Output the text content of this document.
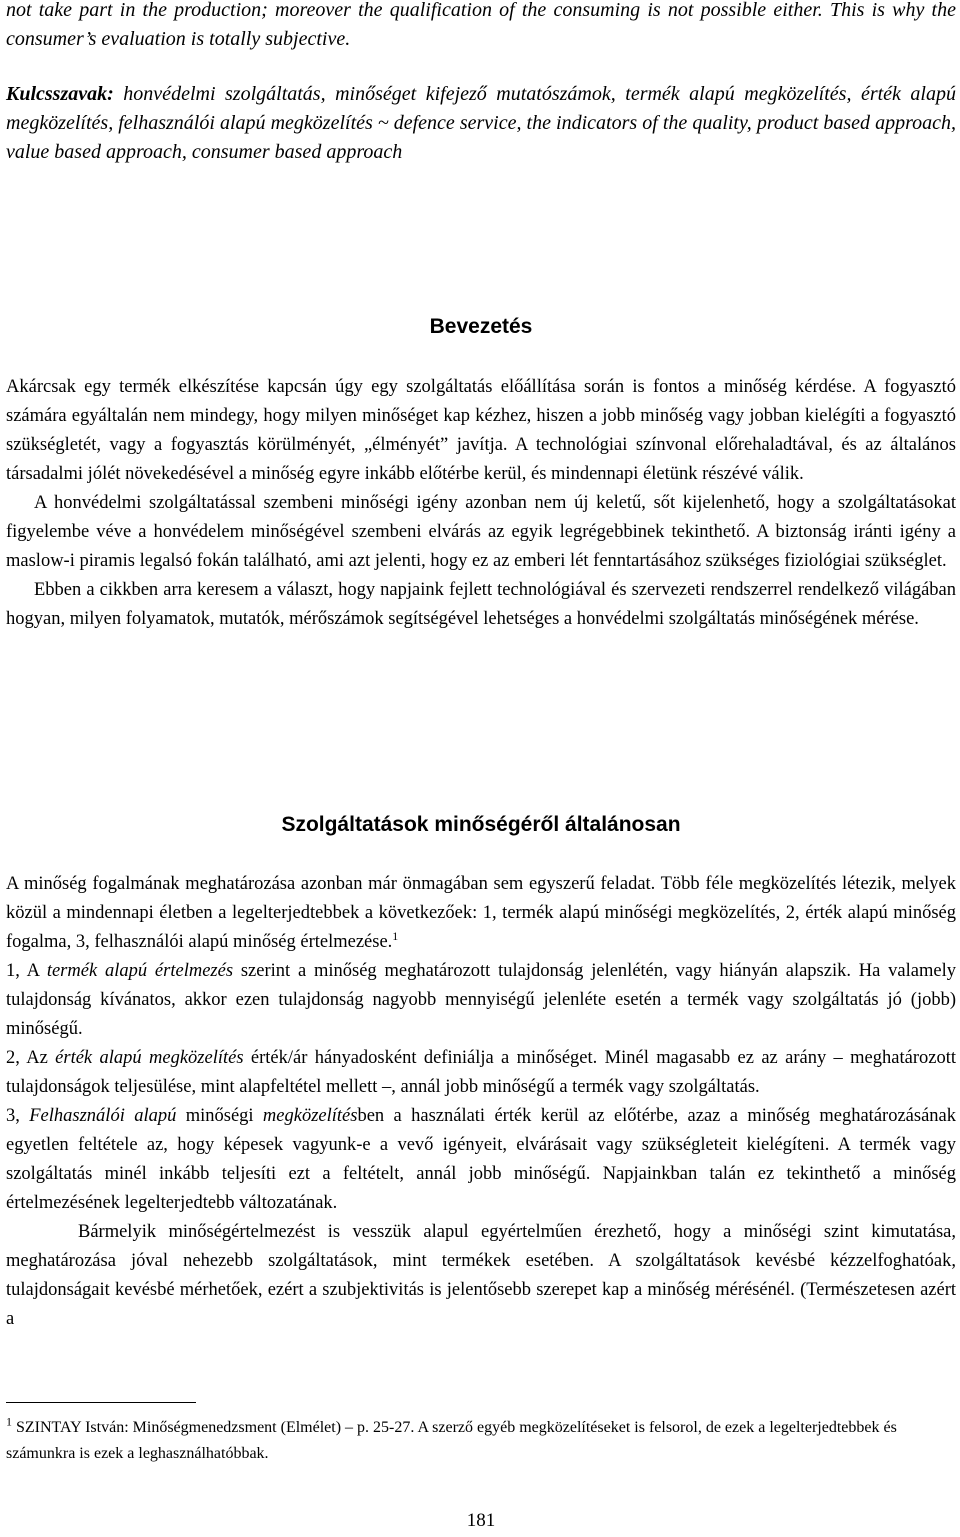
not take part in the production; moreover the qualification of the consuming is not possible either. This is why the consumer’s evaluation is totally subjective.

Kulcsszavak: honvédelmi szolgáltatás, minőséget kifejező mutatószámok, termék alapú megközelítés, érték alapú megközelítés, felhasználói alapú megközelítés ~ defence service, the indicators of the quality, product based approach, value based approach, consumer based approach

Bevezetés

Akárcsak egy termék elkészítése kapcsán úgy egy szolgáltatás előállítása során is fontos a minőség kérdése. A fogyasztó számára egyáltalán nem mindegy, hogy milyen minőséget kap kézhez, hiszen a jobb minőség vagy jobban kielégíti a fogyasztó szükségletét, vagy a fogyasztás körülményét, „élményét” javítja. A technológiai színvonal előrehaladtával, és az általános társadalmi jólét növekedésével a minőség egyre inkább előtérbe kerül, és mindennapi életünk részévé válik.

A honvédelmi szolgáltatással szembeni minőségi igény azonban nem új keletű, sőt kijelenhető, hogy a szolgáltatásokat figyelembe véve a honvédelem minőségével szembeni elvárás az egyik legrégebbinek tekinthető. A biztonság iránti igény a maslow-i piramis legalsó fokán található, ami azt jelenti, hogy ez az emberi lét fenntartásához szükséges fiziológiai szükséglet.

Ebben a cikkben arra keresem a választ, hogy napjaink fejlett technológiával és szervezeti rendszerrel rendelkező világában hogyan, milyen folyamatok, mutatók, mérőszámok segítségével lehetséges a honvédelmi szolgáltatás minőségének mérése.

Szolgáltatások minőségéről általánosan

A minőség fogalmának meghatározása azonban már önmagában sem egyszerű feladat. Több féle megközelítés létezik, melyek közül a mindennapi életben a legelterjedtebbek a következőek: 1, termék alapú minőségi megközelítés, 2, érték alapú minőség fogalma, 3, felhasználói alapú minőség értelmezése.$^1$

1, A termék alapú értelmezés szerint a minőség meghatározott tulajdonság jelenlétén, vagy hiányán alapszik. Ha valamely tulajdonság kívánatos, akkor ezen tulajdonság nagyobb mennyiségű jelenléte esetén a termék vagy szolgáltatás jó (jobb) minőségű.

2, Az érték alapú megközelítés érték/ár hányadosként definiálja a minőséget. Minél magasabb ez az arány – meghatározott tulajdonságok teljesülése, mint alapfeltétel mellett –, annál jobb minőségű a termék vagy szolgáltatás.

3, Felhasználói alapú minőségi megközelítésben a használati érték kerül az előtérbe, azaz a minőség meghatározásának egyetlen feltétele az, hogy képesek vagyunk-e a vevő igényeit, elvárásait vagy szükségleteit kielégíteni. A termék vagy szolgáltatás minél inkább teljesíti ezt a feltételt, annál jobb minőségű. Napjainkban talán ez tekinthető a minőség értelmezésének legelterjedtebb változatának.

Bármelyik minőségértelmezést is vesszük alapul egyértelműen érezhető, hogy a minőségi szint kimutatása, meghatározása jóval nehezebb szolgáltatások, mint termékek esetében. A szolgáltatások kevésbé kézzelfoghatóak, tulajdonságait kevésbé mérhetőek, ezért a szubjektivitás is jelentősebb szerepet kap a minőség mérésénél. (Természetesen azért a

$^1$ SZINTAY István: Minőségmenedzsment (Elmélet) – p. 25-27. A szerző egyéb megközelítéseket is felsorol, de ezek a legelterjedtebbek és számunkra is ezek a leghasználhatóbbak.
181
